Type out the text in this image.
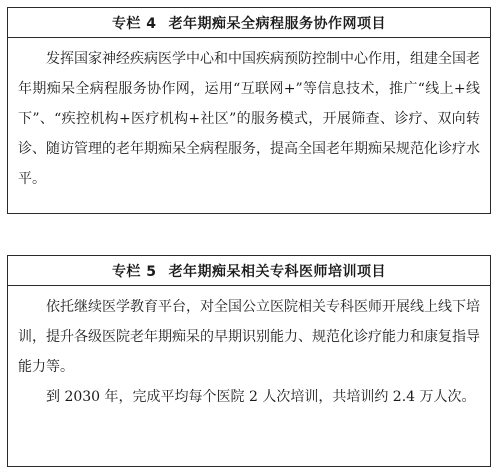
专栏 4 老年期痴呆全病程服务协作网项目

发挥国家神经疾病医学中心和中国疾病预防控制中心作用，组建全国老年期痴呆全病程服务协作网，运用“互联网+”等信息技术，推广“线上+线下”、“疾控机构+医疗机构+社区”的服务模式，开展筛查、诊疗、双向转诊、随访管理的老年期痴呆全病程服务，提高全国老年期痴呆规范化诊疗水平。

专栏 5 老年期痴呆相关专科医师培训项目

依托继续医学教育平台，对全国公立医院相关专科医师开展线上线下培训，提升各级医院老年期痴呆的早期识别能力、规范化诊疗能力和康复指导能力等。

到 2030 年，完成平均每个医院 2 人次培训，共培训约 2.4 万人次。
